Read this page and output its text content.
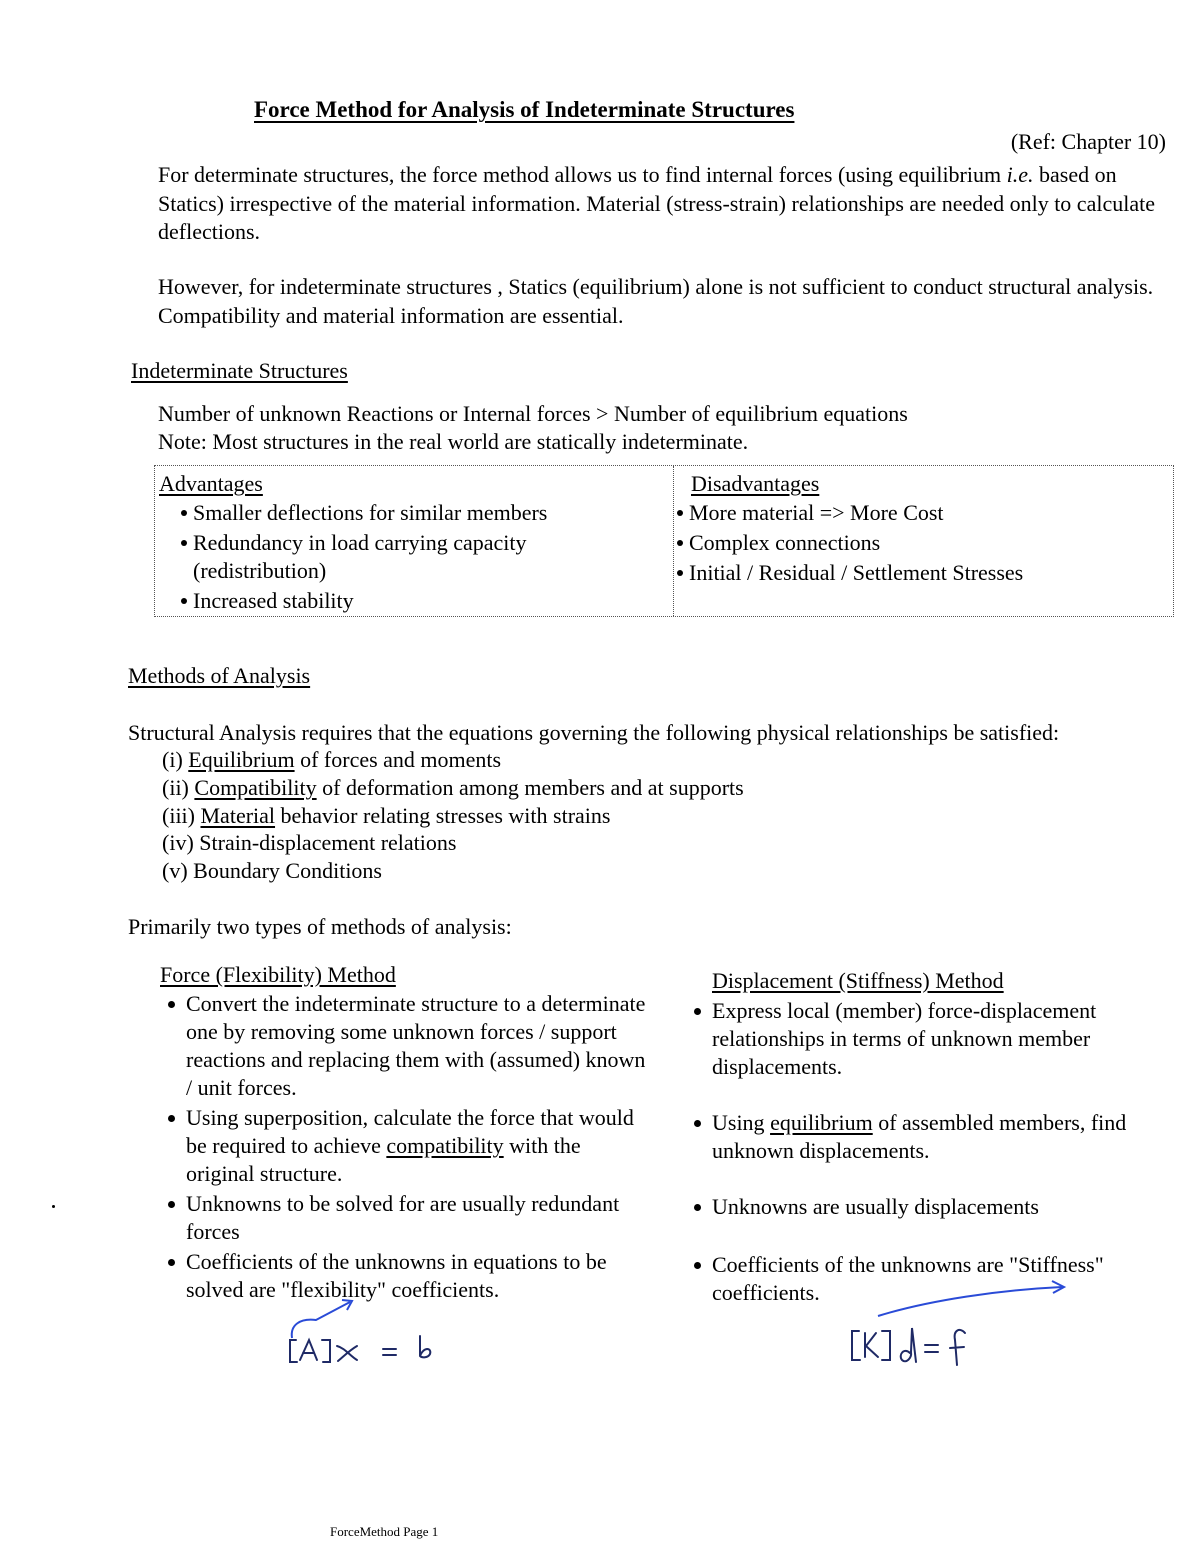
Force Method for Analysis of Indeterminate Structures
(Ref: Chapter 10)
For determinate structures, the force method allows us to find internal forces (using equilibrium i.e. based on Statics) irrespective of the material information. Material (stress-strain) relationships are needed only to calculate deflections.
However, for indeterminate structures , Statics (equilibrium) alone is not sufficient to conduct structural analysis. Compatibility and material information are essential.
Indeterminate Structures
Number of unknown Reactions or Internal forces > Number of equilibrium equations
Note: Most structures in the real world are statically indeterminate.
Advantages
Smaller deflections for similar members
Redundancy in load carrying capacity
(redistribution)
Increased stability
Disadvantages
More material => More Cost
Complex connections
Initial / Residual / Settlement Stresses
Methods of Analysis
Structural Analysis requires that the equations governing the following physical relationships be satisfied:
(i) Equilibrium of forces and moments
(ii) Compatibility of deformation among members and at supports
(iii) Material behavior relating stresses with strains
(iv) Strain-displacement relations
(v) Boundary Conditions
Primarily two types of methods of analysis:
Force (Flexibility) Method
Convert the indeterminate structure to a determinate one by removing some unknown forces / support reactions and replacing them with (assumed) known / unit forces.
Using superposition, calculate the force that would be required to achieve compatibility with the original structure.
Unknowns to be solved for are usually redundant forces
Coefficients of the unknowns in equations to be solved are "flexibility" coefficients.
Displacement (Stiffness) Method
Express local (member) force-displacement relationships in terms of unknown member displacements.
Using equilibrium of assembled members, find unknown displacements.
Unknowns are usually displacements
Coefficients of the unknowns are "Stiffness" coefficients.
ForceMethod Page 1
